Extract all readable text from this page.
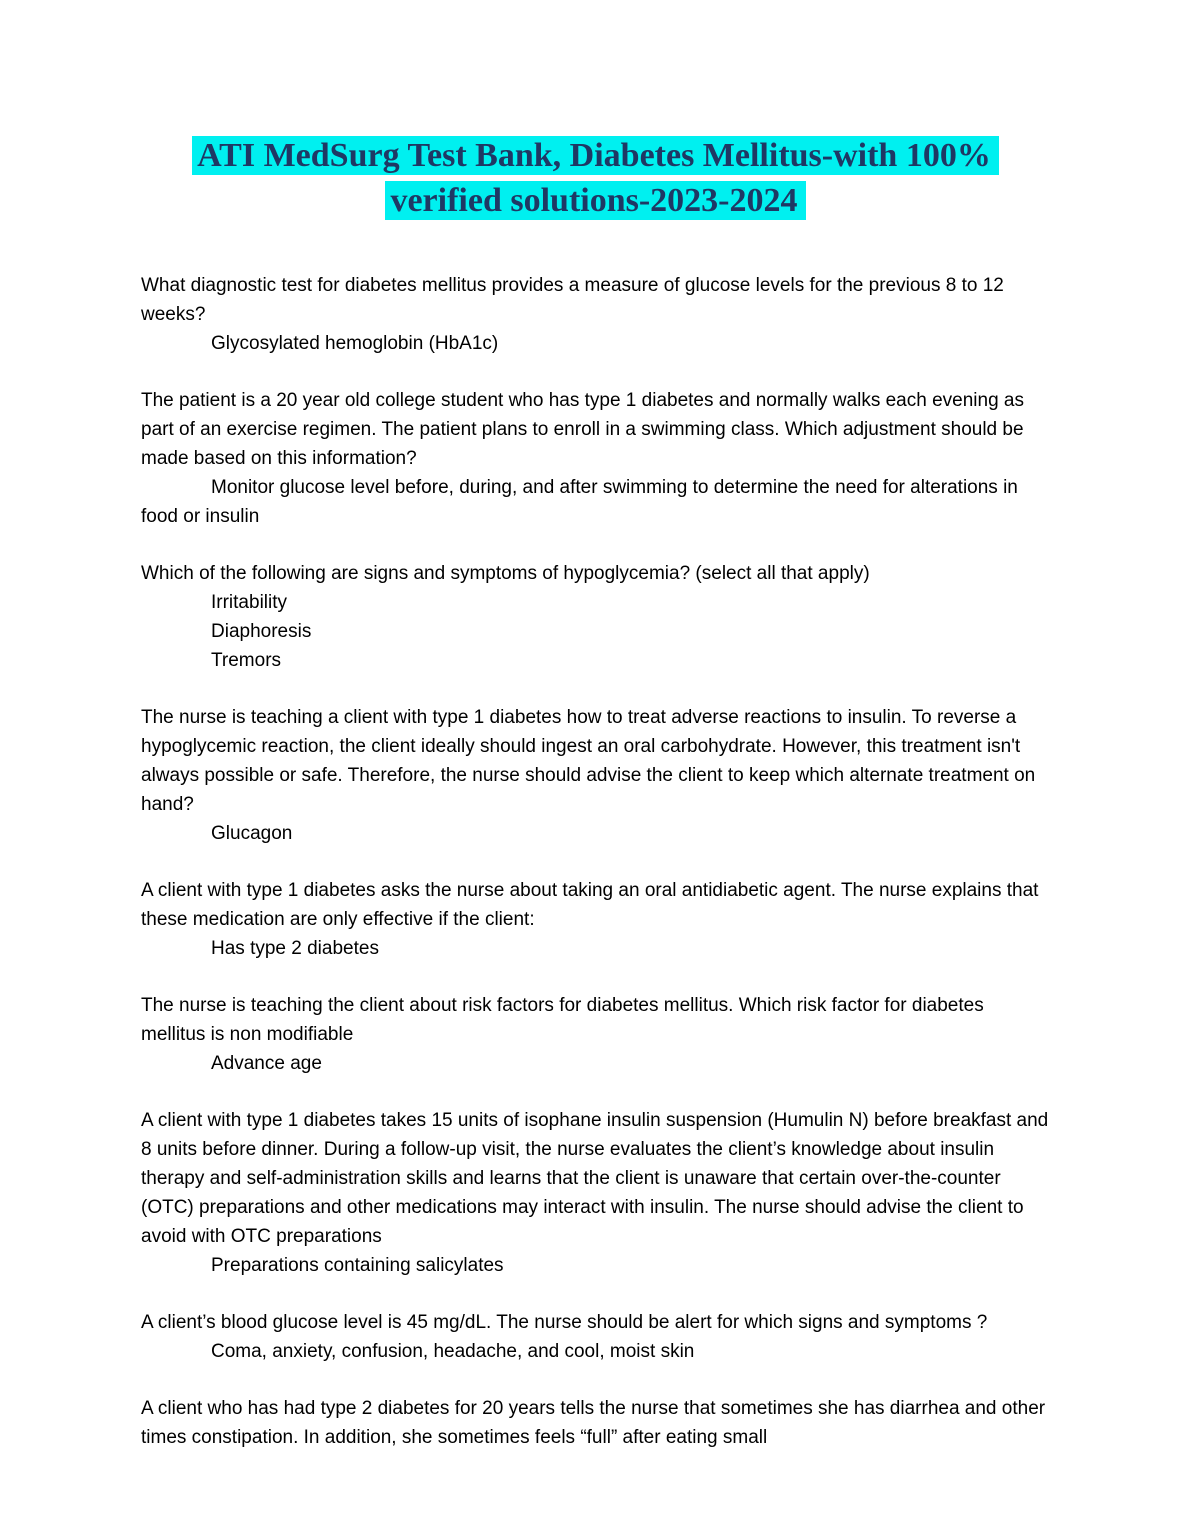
ATI MedSurg Test Bank, Diabetes Mellitus-with 100%
verified solutions-2023-2024

What diagnostic test for diabetes mellitus provides a measure of glucose levels for the previous 8 to 12 weeks?

Glycosylated hemoglobin (HbA1c)

The patient is a 20 year old college student who has type 1 diabetes and normally walks each evening as part of an exercise regimen. The patient plans to enroll in a swimming class. Which adjustment should be made based on this information?

Monitor glucose level before, during, and after swimming to determine the need for alterations in food or insulin

Which of the following are signs and symptoms of hypoglycemia? (select all that apply)

Irritability

Diaphoresis

Tremors

The nurse is teaching a client with type 1 diabetes how to treat adverse reactions to insulin. To reverse a hypoglycemic reaction, the client ideally should ingest an oral carbohydrate. However, this treatment isn't always possible or safe. Therefore, the nurse should advise the client to keep which alternate treatment on hand?

Glucagon

A client with type 1 diabetes asks the nurse about taking an oral antidiabetic agent. The nurse explains that these medication are only effective if the client:

Has type 2 diabetes

The nurse is teaching the client about risk factors for diabetes mellitus. Which risk factor for diabetes mellitus is non modifiable

Advance age

A client with type 1 diabetes takes 15 units of isophane insulin suspension (Humulin N) before breakfast and 8 units before dinner. During a follow-up visit, the nurse evaluates the client’s knowledge about insulin therapy and self-administration skills and learns that the client is unaware that certain over-the-counter (OTC) preparations and other medications may interact with insulin. The nurse should advise the client to avoid with OTC preparations

Preparations containing salicylates

A client’s blood glucose level is 45 mg/dL. The nurse should be alert for which signs and symptoms ?

Coma, anxiety, confusion, headache, and cool, moist skin

A client who has had type 2 diabetes for 20 years tells the nurse that sometimes she has diarrhea and other times constipation. In addition, she sometimes feels “full” after eating small
